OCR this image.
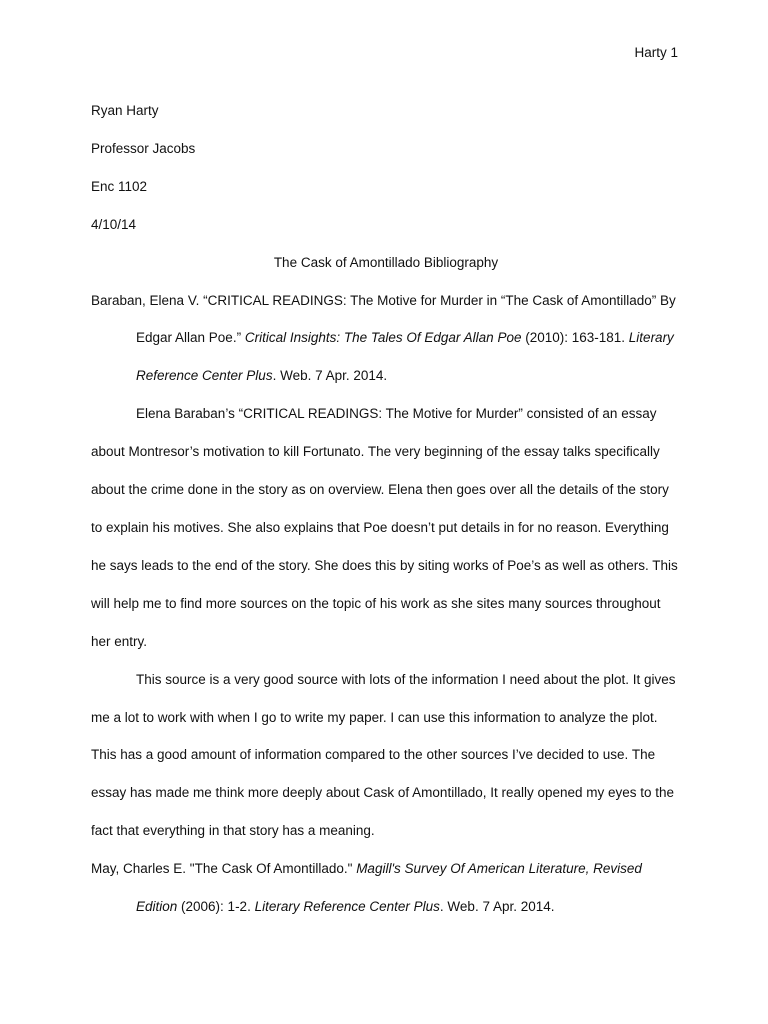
Harty 1
Ryan Harty
Professor Jacobs
Enc 1102
4/10/14
The Cask of Amontillado Bibliography

Baraban, Elena V. “CRITICAL READINGS: The Motive for Murder in “The Cask of Amontillado” By Edgar Allan Poe.” Critical Insights: The Tales Of Edgar Allan Poe (2010): 163-181. Literary Reference Center Plus. Web. 7 Apr. 2014.

Elena Baraban’s “CRITICAL READINGS: The Motive for Murder” consisted of an essay about Montresor’s motivation to kill Fortunato. The very beginning of the essay talks specifically about the crime done in the story as on overview. Elena then goes over all the details of the story to explain his motives. She also explains that Poe doesn’t put details in for no reason. Everything he says leads to the end of the story. She does this by siting works of Poe’s as well as others. This will help me to find more sources on the topic of his work as she sites many sources throughout her entry.

This source is a very good source with lots of the information I need about the plot. It gives me a lot to work with when I go to write my paper. I can use this information to analyze the plot. This has a good amount of information compared to the other sources I’ve decided to use. The essay has made me think more deeply about Cask of Amontillado, It really opened my eyes to the fact that everything in that story has a meaning.

May, Charles E. "The Cask Of Amontillado." Magill's Survey Of American Literature, Revised Edition (2006): 1-2. Literary Reference Center Plus. Web. 7 Apr. 2014.
